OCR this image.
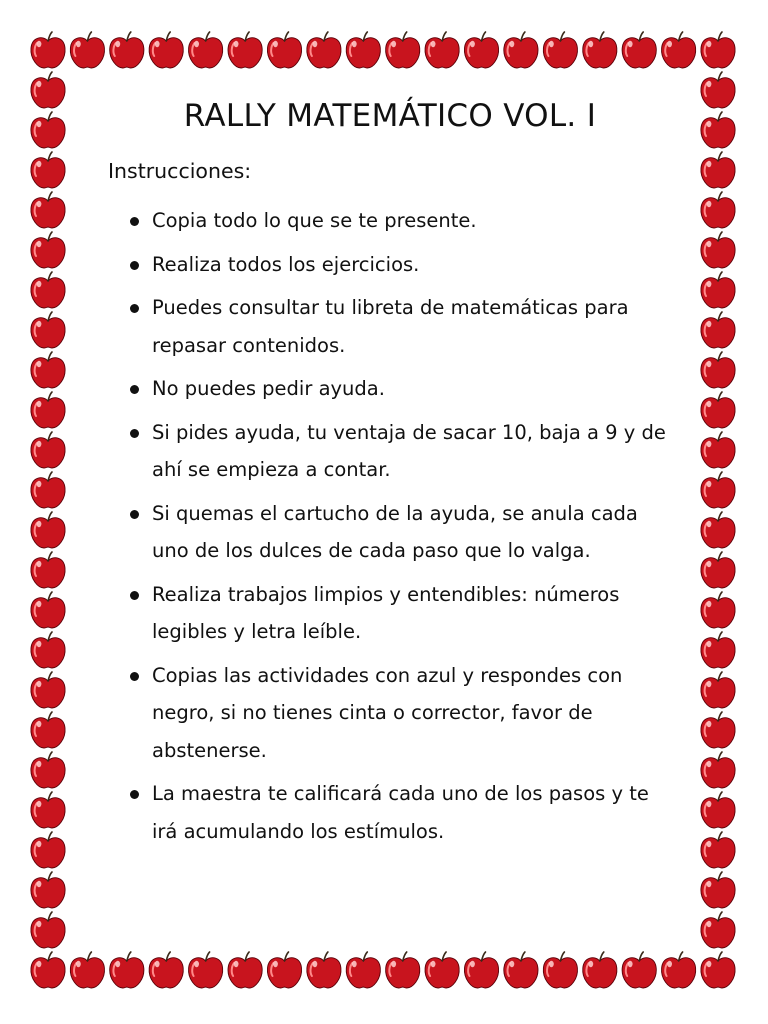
RALLY MATEMÁTICO VOL. I
Instrucciones:
Copia todo lo que se te presente.
Realiza todos los ejercicios.
Puedes consultar tu libreta de matemáticas para repasar contenidos.
No puedes pedir ayuda.
Si pides ayuda, tu ventaja de sacar 10, baja a 9 y de ahí se empieza a contar.
Si quemas el cartucho de la ayuda, se anula cada uno de los dulces de cada paso que lo valga.
Realiza trabajos limpios y entendibles: números legibles y letra leíble.
Copias las actividades con azul y respondes con negro, si no tienes cinta o corrector, favor de abstenerse.
La maestra te calificará cada uno de los pasos y te irá acumulando los estímulos.
